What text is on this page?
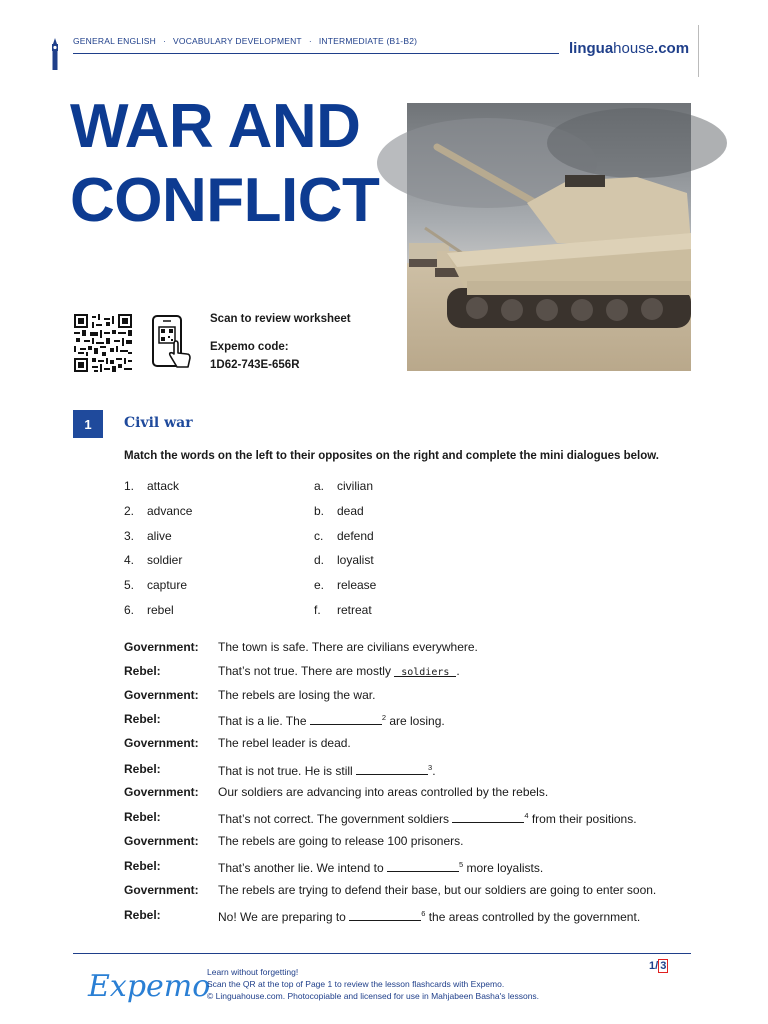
GENERAL ENGLISH · VOCABULARY DEVELOPMENT · INTERMEDIATE (B1-B2)	linguahouse.com
WAR AND
CONFLICT
Scan to review worksheet
Expemo code:
1D62-743E-656R
1	Civil war
Match the words on the left to their opposites on the right and complete the mini dialogues below.
1. attack
2. advance
3. alive
4. soldier
5. capture
6. rebel
a. civilian
b. dead
c. defend
d. loyalist
e. release
f. retreat
Government: The town is safe. There are civilians everywhere.
Rebel:	That’s not true. There are mostly soldiers .
Government: The rebels are losing the war.
Rebel:	That is a lie. The	$^2$ are losing.
Government: The rebel leader is dead.
Rebel:	That is not true. He is still	$^3$.
Government: Our soldiers are advancing into areas controlled by the rebels.
Rebel:	That’s not correct. The government soldiers	$^4$ from their positions.
Government: The rebels are going to release 100 prisoners.
Rebel:	That’s another lie. We intend to	$^5$ more loyalists.
Government: The rebels are trying to defend their base, but our soldiers are going to enter soon.
Rebel:	No! We are preparing to	$^6$ the areas controlled by the government.
Expemo
Learn without forgetting!
Scan the QR at the top of Page 1 to review the lesson flashcards with Expemo.
© Linguahouse.com. Photocopiable and licensed for use in Mahjabeen Basha's lessons.
1/ 3
